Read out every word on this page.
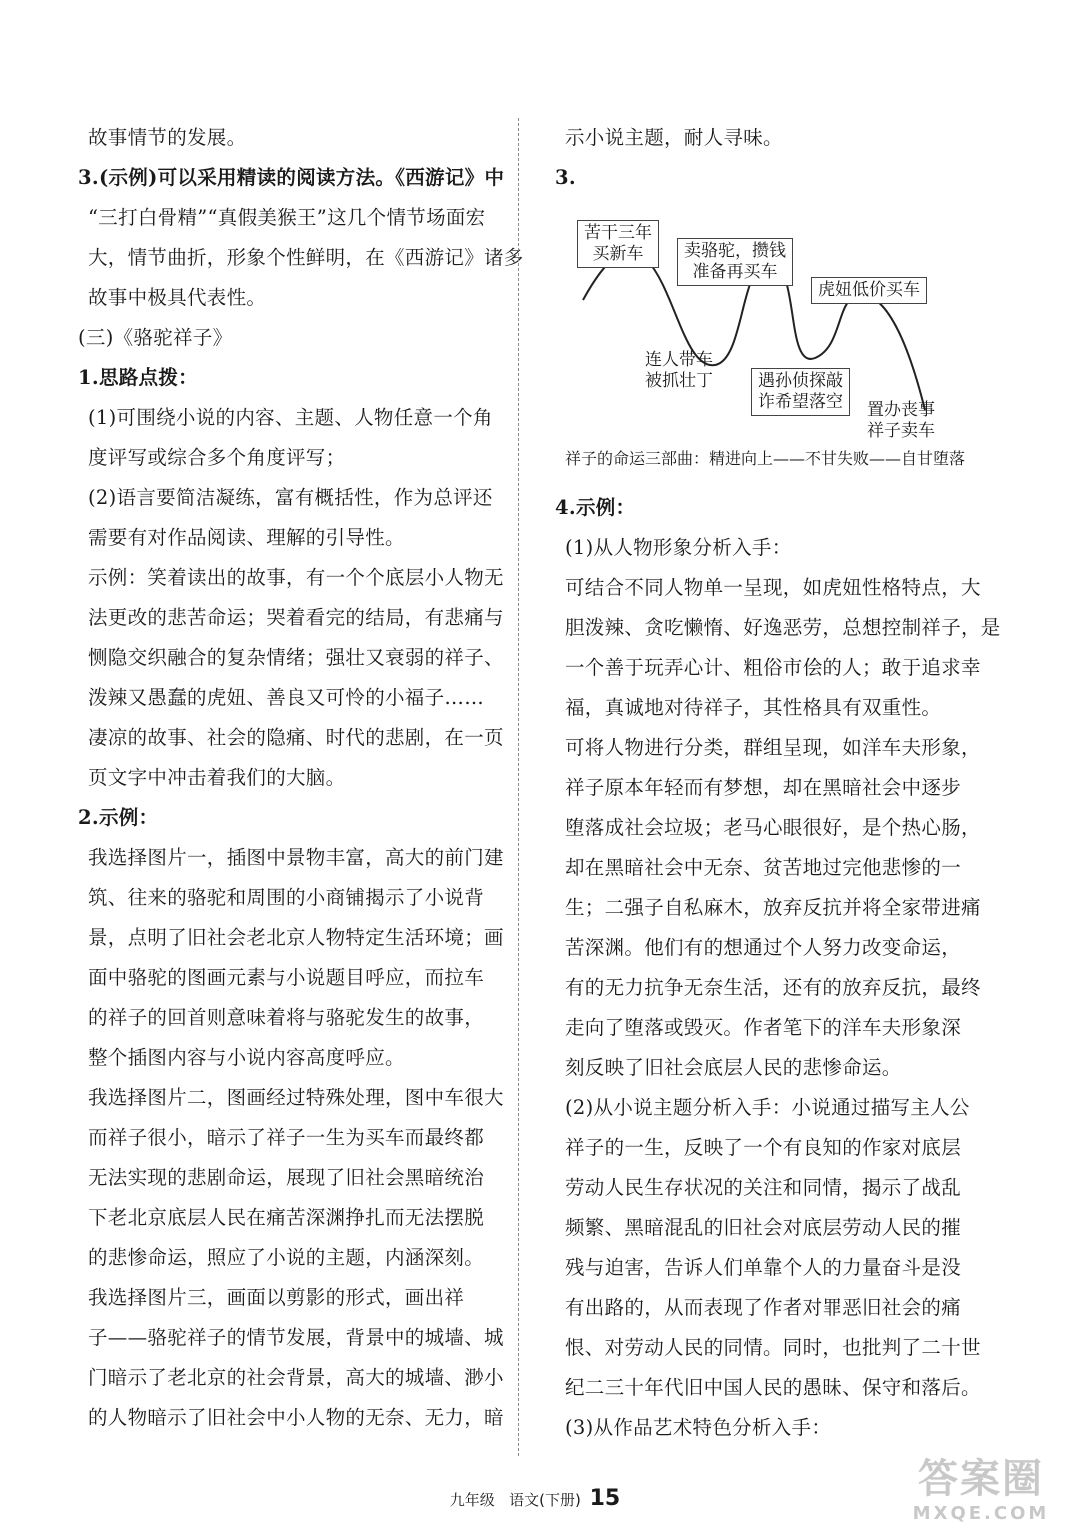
故事情节的发展。
3.(示例)可以采用精读的阅读方法。《西游记》中
“三打白骨精”“真假美猴王”这几个情节场面宏
大，情节曲折，形象个性鲜明，在《西游记》诸多
故事中极具代表性。
(三)《骆驼祥子》
1.思路点拨：
(1)可围绕小说的内容、主题、人物任意一个角
度评写或综合多个角度评写；
(2)语言要简洁凝练，富有概括性，作为总评还
需要有对作品阅读、理解的引导性。
示例：笑着读出的故事，有一个个底层小人物无
法更改的悲苦命运；哭着看完的结局，有悲痛与
恻隐交织融合的复杂情绪；强壮又衰弱的祥子、
泼辣又愚蠢的虎妞、善良又可怜的小福子……
凄凉的故事、社会的隐痛、时代的悲剧，在一页
页文字中冲击着我们的大脑。
2.示例：
我选择图片一，插图中景物丰富，高大的前门建
筑、往来的骆驼和周围的小商铺揭示了小说背
景，点明了旧社会老北京人物特定生活环境；画
面中骆驼的图画元素与小说题目呼应，而拉车
的祥子的回首则意味着将与骆驼发生的故事，
整个插图内容与小说内容高度呼应。
我选择图片二，图画经过特殊处理，图中车很大
而祥子很小，暗示了祥子一生为买车而最终都
无法实现的悲剧命运，展现了旧社会黑暗统治
下老北京底层人民在痛苦深渊挣扎而无法摆脱
的悲惨命运，照应了小说的主题，内涵深刻。
我选择图片三，画面以剪影的形式，画出祥
子——骆驼祥子的情节发展，背景中的城墙、城
门暗示了老北京的社会背景，高大的城墙、渺小
的人物暗示了旧社会中小人物的无奈、无力，暗
示小说主题，耐人寻味。
3.
苦干三年
买新车	卖骆驼，攒钱
准备再买车
虎妞低价买车
连人带车
被抓壮丁	遇孙侦探敲
诈希望落空 置办丧事
祥子卖车
祥子的命运三部曲：精进向上——不甘失败——自甘堕落
4.示例：
(1)从人物形象分析入手：
可结合不同人物单一呈现，如虎妞性格特点，大
胆泼辣、贪吃懒惰、好逸恶劳，总想控制祥子，是
一个善于玩弄心计、粗俗市侩的人；敢于追求幸
福，真诚地对待祥子，其性格具有双重性。
可将人物进行分类，群组呈现，如洋车夫形象，
祥子原本年轻而有梦想，却在黑暗社会中逐步
堕落成社会垃圾；老马心眼很好，是个热心肠，
却在黑暗社会中无奈、贫苦地过完他悲惨的一
生；二强子自私麻木，放弃反抗并将全家带进痛
苦深渊。他们有的想通过个人努力改变命运，
有的无力抗争无奈生活，还有的放弃反抗，最终
走向了堕落或毁灭。作者笔下的洋车夫形象深
刻反映了旧社会底层人民的悲惨命运。
(2)从小说主题分析入手：小说通过描写主人公
祥子的一生，反映了一个有良知的作家对底层
劳动人民生存状况的关注和同情，揭示了战乱
频繁、黑暗混乱的旧社会对底层劳动人民的摧
残与迫害，告诉人们单靠个人的力量奋斗是没
有出路的，从而表现了作者对罪恶旧社会的痛
恨、对劳动人民的同情。同时，也批判了二十世
纪二三十年代旧中国人民的愚昧、保守和落后。
(3)从作品艺术特色分析入手：
九年级 语文(下册) 15	答案圈
MXQE.COM
